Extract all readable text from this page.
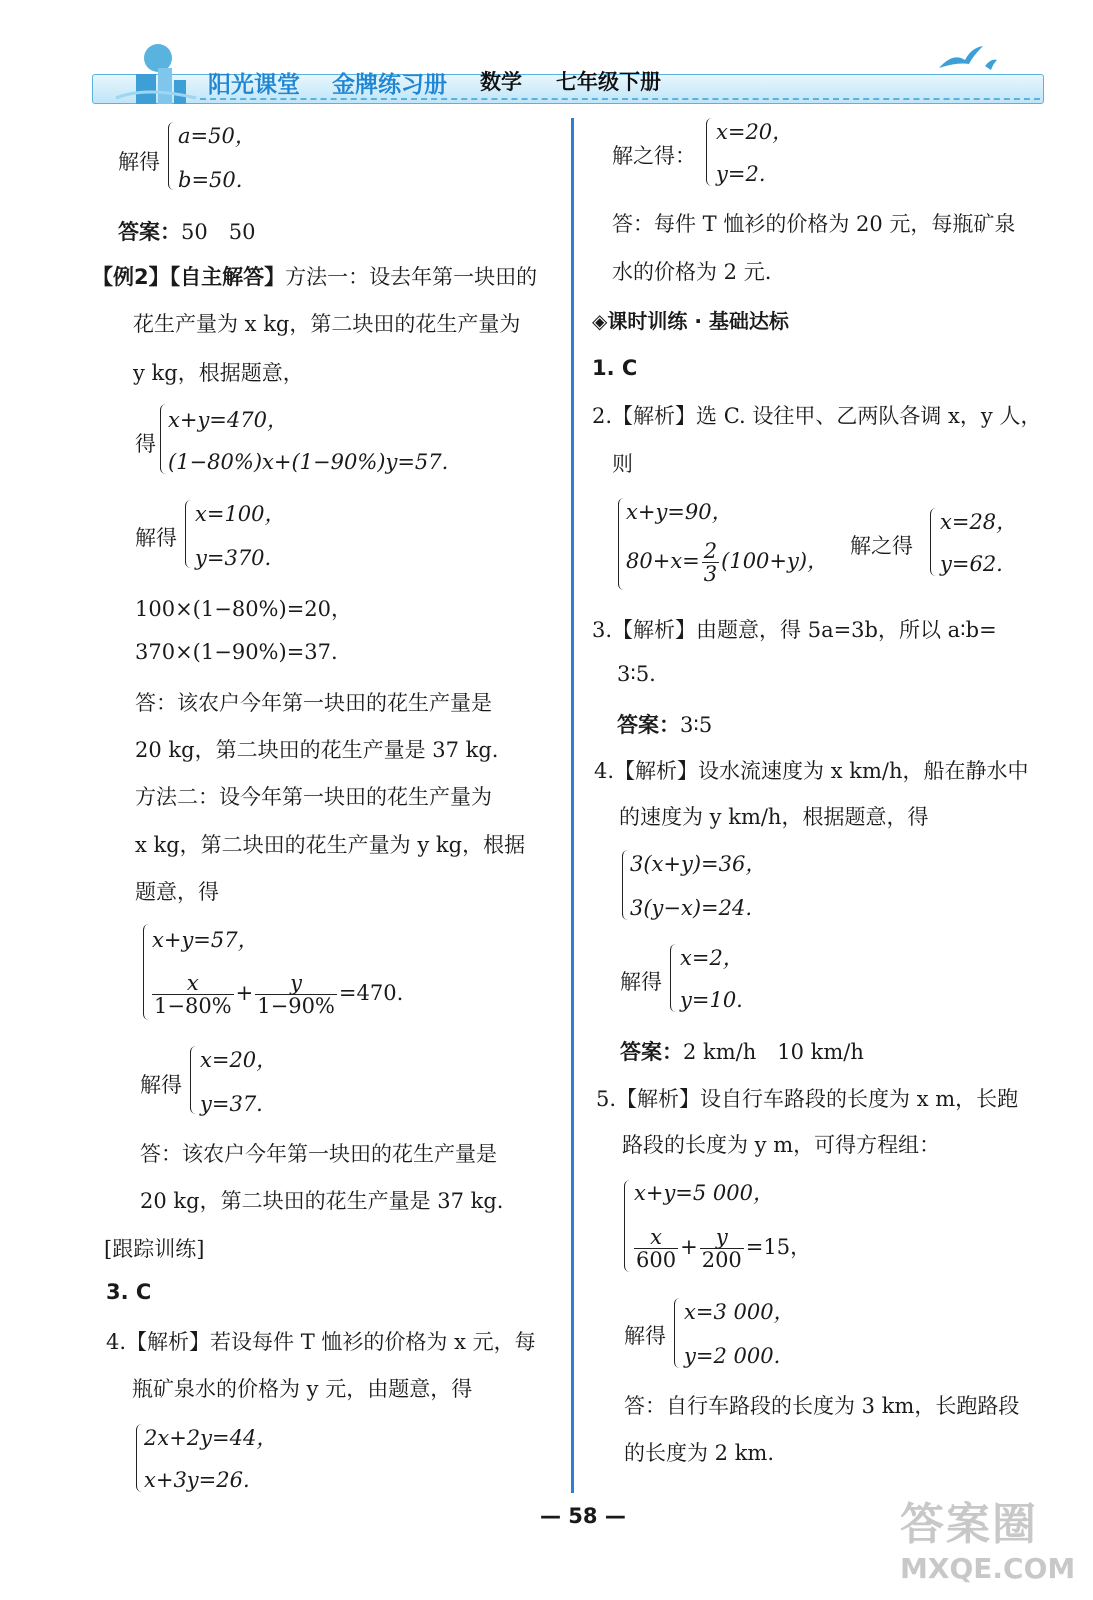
阳光课堂 金牌练习册 数学 七年级下册
解得
a=50，
b=50.
答案：50　50
【例2】【自主解答】方法一：设去年第一块田的
花生产量为 x kg，第二块田的花生产量为
y kg，根据题意，
得
x+y=470，
(1−80%)x+(1−90%)y=57.
解得
x=100，
y=370.
100×(1−80%)=20，
370×(1−90%)=37.
答：该农户今年第一块田的花生产量是
20 kg，第二块田的花生产量是 37 kg.
方法二：设今年第一块田的花生产量为
x kg，第二块田的花生产量为 y kg，根据
题意，得
x+y=57，
$\frac{x}{1-80\%} + \frac{y}{1-90\%} =470$.
解得
x=20，
y=37.
答：该农户今年第一块田的花生产量是
20 kg，第二块田的花生产量是 37 kg.
[跟踪训练]
3. C
4.【解析】若设每件 T 恤衫的价格为 x 元，每
瓶矿泉水的价格为 y 元，由题意，得
2x+2y=44，
x+3y=26.
解之得：
x=20，
y=2.
答：每件 T 恤衫的价格为 20 元，每瓶矿泉
水的价格为 2 元.
◈课时训练 · 基础达标
1. C
2.【解析】选 C. 设往甲、乙两队各调 x，y 人，
则
x+y=90，
$80+x= \frac{2}{3} (100+y)$，
解之得
x=28，
y=62.
3.【解析】由题意，得 5a=3b，所以 a∶b=
3∶5.
答案：3∶5
4.【解析】设水流速度为 x km/h，船在静水中
的速度为 y km/h，根据题意，得
3(x+y)=36，
3(y−x)=24.
解得
x=2，
y=10.
答案：2 km/h　10 km/h
5.【解析】设自行车路段的长度为 x m，长跑
路段的长度为 y m，可得方程组：
x+y=5 000，
$\frac{x}{600} + \frac{y}{200} =15$，
解得
x=3 000，
y=2 000.
答：自行车路段的长度为 3 km，长跑路段
的长度为 2 km.
— 58 —	答案圈
MXQE.COM
